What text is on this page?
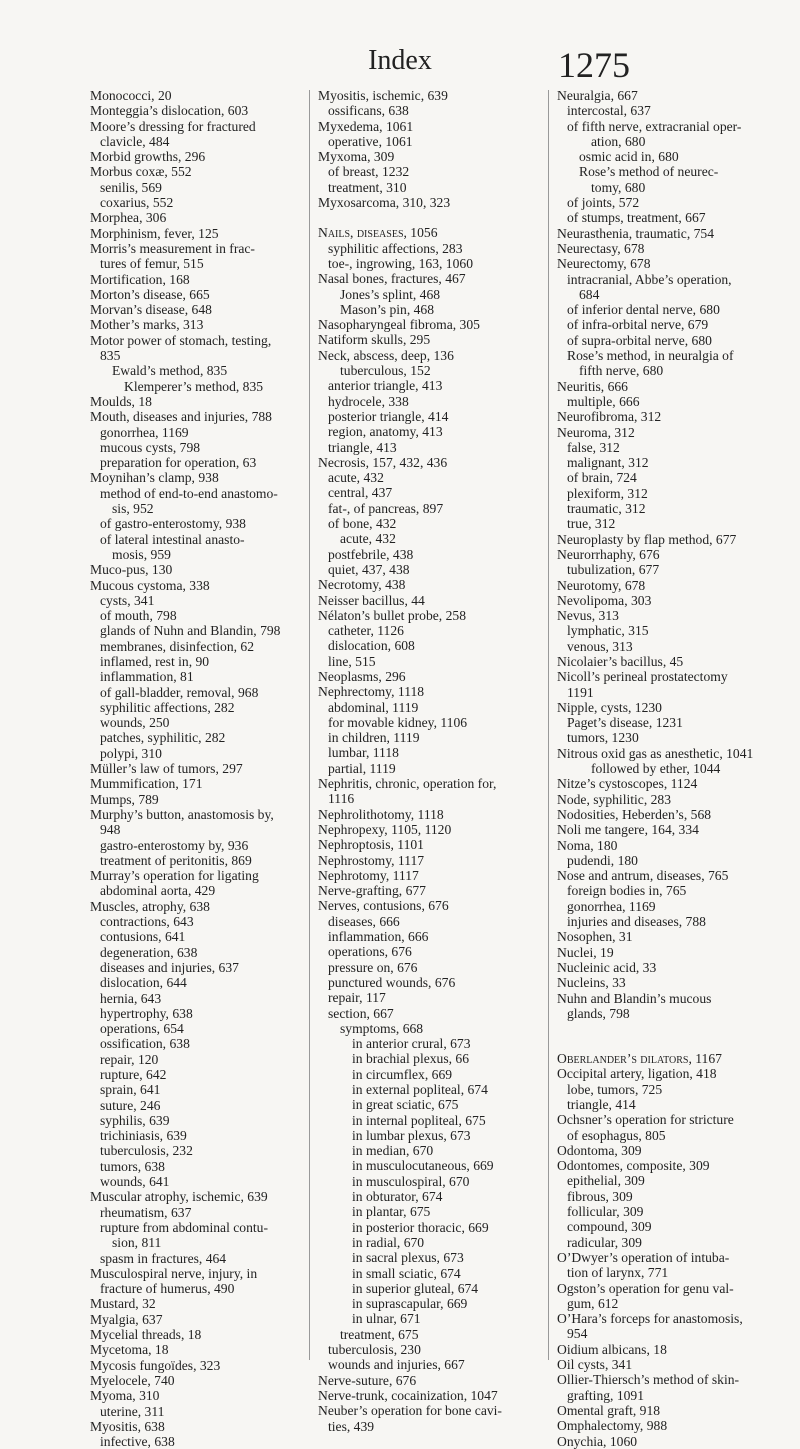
Index	1275
Monococci, 20
Monteggia’s dislocation, 603
Moore’s dressing for fractured
clavicle, 484
Morbid growths, 296
Morbus coxæ, 552
senilis, 569
coxarius, 552
Morphea, 306
Morphinism, fever, 125
Morris’s measurement in frac-
tures of femur, 515
Mortification, 168
Morton’s disease, 665
Morvan’s disease, 648
Mother’s marks, 313
Motor power of stomach, testing,
835
Ewald’s method, 835
Klemperer’s method, 835
Moulds, 18
Mouth, diseases and injuries, 788
gonorrhea, 1169
mucous cysts, 798
preparation for operation, 63
Moynihan’s clamp, 938
method of end-to-end anastomo-
sis, 952
of gastro-enterostomy, 938
of lateral intestinal anasto-
mosis, 959
Muco-pus, 130
Mucous cystoma, 338
cysts, 341
of mouth, 798
glands of Nuhn and Blandin, 798
membranes, disinfection, 62
inflamed, rest in, 90
inflammation, 81
of gall-bladder, removal, 968
syphilitic affections, 282
wounds, 250
patches, syphilitic, 282
polypi, 310
Müller’s law of tumors, 297
Mummification, 171
Mumps, 789
Murphy’s button, anastomosis by,
948
gastro-enterostomy by, 936
treatment of peritonitis, 869
Murray’s operation for ligating
abdominal aorta, 429
Muscles, atrophy, 638
contractions, 643
contusions, 641
degeneration, 638
diseases and injuries, 637
dislocation, 644
hernia, 643
hypertrophy, 638
operations, 654
ossification, 638
repair, 120
rupture, 642
sprain, 641
suture, 246
syphilis, 639
trichiniasis, 639
tuberculosis, 232
tumors, 638
wounds, 641
Muscular atrophy, ischemic, 639
rheumatism, 637
rupture from abdominal contu-
sion, 811
spasm in fractures, 464
Musculospiral nerve, injury, in
fracture of humerus, 490
Mustard, 32
Myalgia, 637
Mycelial threads, 18
Mycetoma, 18
Mycosis fungoïdes, 323
Myelocele, 740
Myoma, 310
uterine, 311
Myositis, 638
infective, 638
Myositis, ischemic, 639
ossificans, 638
Myxedema, 1061
operative, 1061
Myxoma, 309
of breast, 1232
treatment, 310
Myxosarcoma, 310, 323
Nails, diseases, 1056
syphilitic affections, 283
toe-, ingrowing, 163, 1060
Nasal bones, fractures, 467
Jones’s splint, 468
Mason’s pin, 468
Nasopharyngeal fibroma, 305
Natiform skulls, 295
Neck, abscess, deep, 136
tuberculous, 152
anterior triangle, 413
hydrocele, 338
posterior triangle, 414
region, anatomy, 413
triangle, 413
Necrosis, 157, 432, 436
acute, 432
central, 437
fat-, of pancreas, 897
of bone, 432
acute, 432
postfebrile, 438
quiet, 437, 438
Necrotomy, 438
Neisser bacillus, 44
Nélaton’s bullet probe, 258
catheter, 1126
dislocation, 608
line, 515
Neoplasms, 296
Nephrectomy, 1118
abdominal, 1119
for movable kidney, 1106
in children, 1119
lumbar, 1118
partial, 1119
Nephritis, chronic, operation for,
1116
Nephrolithotomy, 1118
Nephropexy, 1105, 1120
Nephroptosis, 1101
Nephrostomy, 1117
Nephrotomy, 1117
Nerve-grafting, 677
Nerves, contusions, 676
diseases, 666
inflammation, 666
operations, 676
pressure on, 676
punctured wounds, 676
repair, 117
section, 667
symptoms, 668
in anterior crural, 673
in brachial plexus, 66
in circumflex, 669
in external popliteal, 674
in great sciatic, 675
in internal popliteal, 675
in lumbar plexus, 673
in median, 670
in musculocutaneous, 669
in musculospiral, 670
in obturator, 674
in plantar, 675
in posterior thoracic, 669
in radial, 670
in sacral plexus, 673
in small sciatic, 674
in superior gluteal, 674
in suprascapular, 669
in ulnar, 671
treatment, 675
tuberculosis, 230
wounds and injuries, 667
Nerve-suture, 676
Nerve-trunk, cocainization, 1047
Neuber’s operation for bone cavi-
ties, 439
Neuralgia, 667
intercostal, 637
of fifth nerve, extracranial oper-
ation, 680
osmic acid in, 680
Rose’s method of neurec-
tomy, 680
of joints, 572
of stumps, treatment, 667
Neurasthenia, traumatic, 754
Neurectasy, 678
Neurectomy, 678
intracranial, Abbe’s operation,
684
of inferior dental nerve, 680
of infra-orbital nerve, 679
of supra-orbital nerve, 680
Rose’s method, in neuralgia of
fifth nerve, 680
Neuritis, 666
multiple, 666
Neurofibroma, 312
Neuroma, 312
false, 312
malignant, 312
of brain, 724
plexiform, 312
traumatic, 312
true, 312
Neuroplasty by flap method, 677
Neurorrhaphy, 676
tubulization, 677
Neurotomy, 678
Nevolipoma, 303
Nevus, 313
lymphatic, 315
venous, 313
Nicolaier’s bacillus, 45
Nicoll’s perineal prostatectomy
1191
Nipple, cysts, 1230
Paget’s disease, 1231
tumors, 1230
Nitrous oxid gas as anesthetic, 1041
followed by ether, 1044
Nitze’s cystoscopes, 1124
Node, syphilitic, 283
Nodosities, Heberden’s, 568
Noli me tangere, 164, 334
Noma, 180
pudendi, 180
Nose and antrum, diseases, 765
foreign bodies in, 765
gonorrhea, 1169
injuries and diseases, 788
Nosophen, 31
Nuclei, 19
Nucleinic acid, 33
Nucleins, 33
Nuhn and Blandin’s mucous
glands, 798
Oberlander’s dilators, 1167
Occipital artery, ligation, 418
lobe, tumors, 725
triangle, 414
Ochsner’s operation for stricture
of esophagus, 805
Odontoma, 309
Odontomes, composite, 309
epithelial, 309
fibrous, 309
follicular, 309
compound, 309
radicular, 309
O’Dwyer’s operation of intuba-
tion of larynx, 771
Ogston’s operation for genu val-
gum, 612
O’Hara’s forceps for anastomosis,
954
Oidium albicans, 18
Oil cysts, 341
Ollier-Thiersch’s method of skin-
grafting, 1091
Omental graft, 918
Omphalectomy, 988
Onychia, 1060
